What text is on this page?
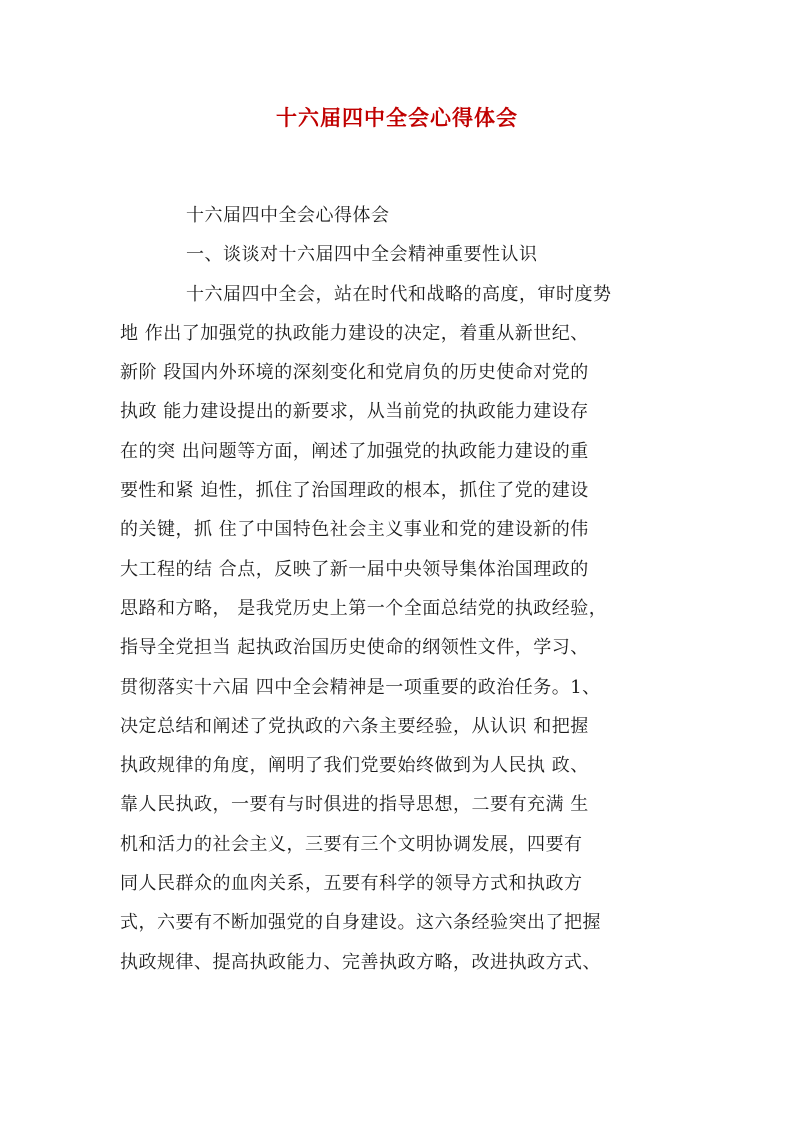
十六届四中全会心得体会
十六届四中全会心得体会
一、谈谈对十六届四中全会精神重要性认识
十六届四中全会，站在时代和战略的高度，审时度势
地 作出了加强党的执政能力建设的决定，着重从新世纪、
新阶 段国内外环境的深刻变化和党肩负的历史使命对党的
执政 能力建设提出的新要求，从当前党的执政能力建设存
在的突 出问题等方面，阐述了加强党的执政能力建设的重
要性和紧 迫性，抓住了治国理政的根本，抓住了党的建设
的关键，抓 住了中国特色社会主义事业和党的建设新的伟
大工程的结 合点，反映了新一届中央领导集体治国理政的
思路和方略， 是我党历史上第一个全面总结党的执政经验，
指导全党担当 起执政治国历史使命的纲领性文件，学习、
贯彻落实十六届 四中全会精神是一项重要的政治任务。1、
决定总结和阐述了党执政的六条主要经验，从认识 和把握
执政规律的角度，阐明了我们党要始终做到为人民执 政、
靠人民执政，一要有与时俱进的指导思想，二要有充满 生
机和活力的社会主义，三要有三个文明协调发展，四要有
同人民群众的血肉关系，五要有科学的领导方式和执政方
式，六要有不断加强党的自身建设。这六条经验突出了把握
执政规律、提高执政能力、完善执政方略，改进执政方式、
